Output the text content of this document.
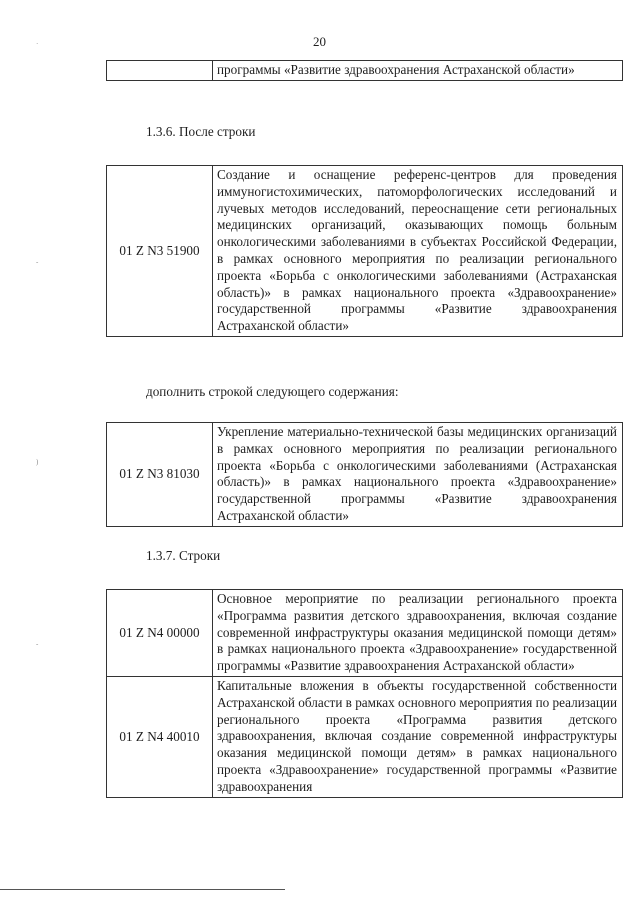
20
·
-
)
-
программы «Развитие здравоохранения Астраханской области»
1.3.6. После строки
01 Z N3 51900
Создание и оснащение референс-центров для проведения иммуногистохимических, патоморфологических исследований и лучевых методов исследований, переоснащение сети региональных медицинских организаций, оказывающих помощь больным онкологическими заболеваниями в субъектах Российской Федерации, в рамках основного мероприятия по реализации регионального проекта «Борьба с онкологическими заболеваниями (Астраханская область)» в рамках национального проекта «Здравоохранение» государственной программы «Развитие здравоохранения Астраханской области»
дополнить строкой следующего содержания:
01 Z N3 81030
Укрепление материально-технической базы медицинских организаций в рамках основного мероприятия по реализации регионального проекта «Борьба с онкологическими заболеваниями (Астраханская область)» в рамках национального проекта «Здравоохранение» государственной программы «Развитие здравоохранения Астраханской области»
1.3.7. Строки
01 Z N4 00000
Основное мероприятие по реализации регионального проекта «Программа развития детского здравоохранения, включая создание современной инфраструктуры оказания медицинской помощи детям» в рамках национального проекта «Здравоохранение» государственной программы «Развитие здравоохранения Астраханской области»
01 Z N4 40010
Капитальные вложения в объекты государственной собственности Астраханской области в рамках основного мероприятия по реализации регионального проекта «Программа развития детского здравоохранения, включая создание современной инфраструктуры оказания медицинской помощи детям» в рамках национального проекта «Здравоохранение» государственной программы «Развитие здравоохранения
